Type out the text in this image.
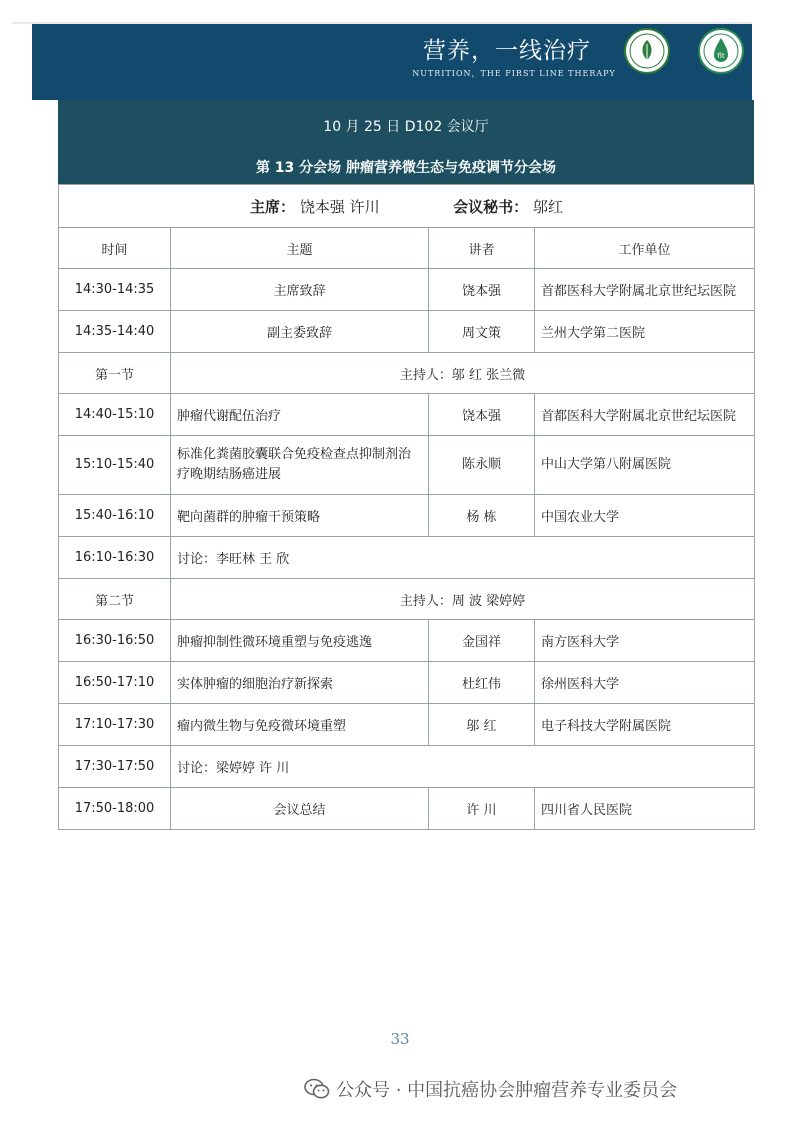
营养，一线治疗
NUTRITION，THE FIRST LINE THERAPY
flt
10 月 25 日 D102 会议厅
第 13 分会场 肿瘤营养微生态与免疫调节分会场
主席： 饶本强 许川 会议秘书： 邬红			
时间	主题	讲者	工作单位
14:30-14:35	主席致辞	饶本强	首都医科大学附属北京世纪坛医院
14:35-14:40	副主委致辞	周文策	兰州大学第二医院
第一节	主持人：邬 红 张兰微		
14:40-15:10	肿瘤代谢配伍治疗	饶本强	首都医科大学附属北京世纪坛医院
15:10-15:40	标准化粪菌胶囊联合免疫检查点抑制剂治疗晚期结肠癌进展	陈永顺	中山大学第八附属医院
15:40-16:10	靶向菌群的肿瘤干预策略	杨 栋	中国农业大学
16:10-16:30	讨论：李旺林 王 欣		
第二节	主持人：周 波 梁婷婷		
16:30-16:50	肿瘤抑制性微环境重塑与免疫逃逸	金国祥	南方医科大学
16:50-17:10	实体肿瘤的细胞治疗新探索	杜红伟	徐州医科大学
17:10-17:30	瘤内微生物与免疫微环境重塑	邬 红	电子科技大学附属医院
17:30-17:50	讨论：梁婷婷 许 川		
17:50-18:00	会议总结	许 川	四川省人民医院
33
公众号 · 中国抗癌协会肿瘤营养专业委员会
